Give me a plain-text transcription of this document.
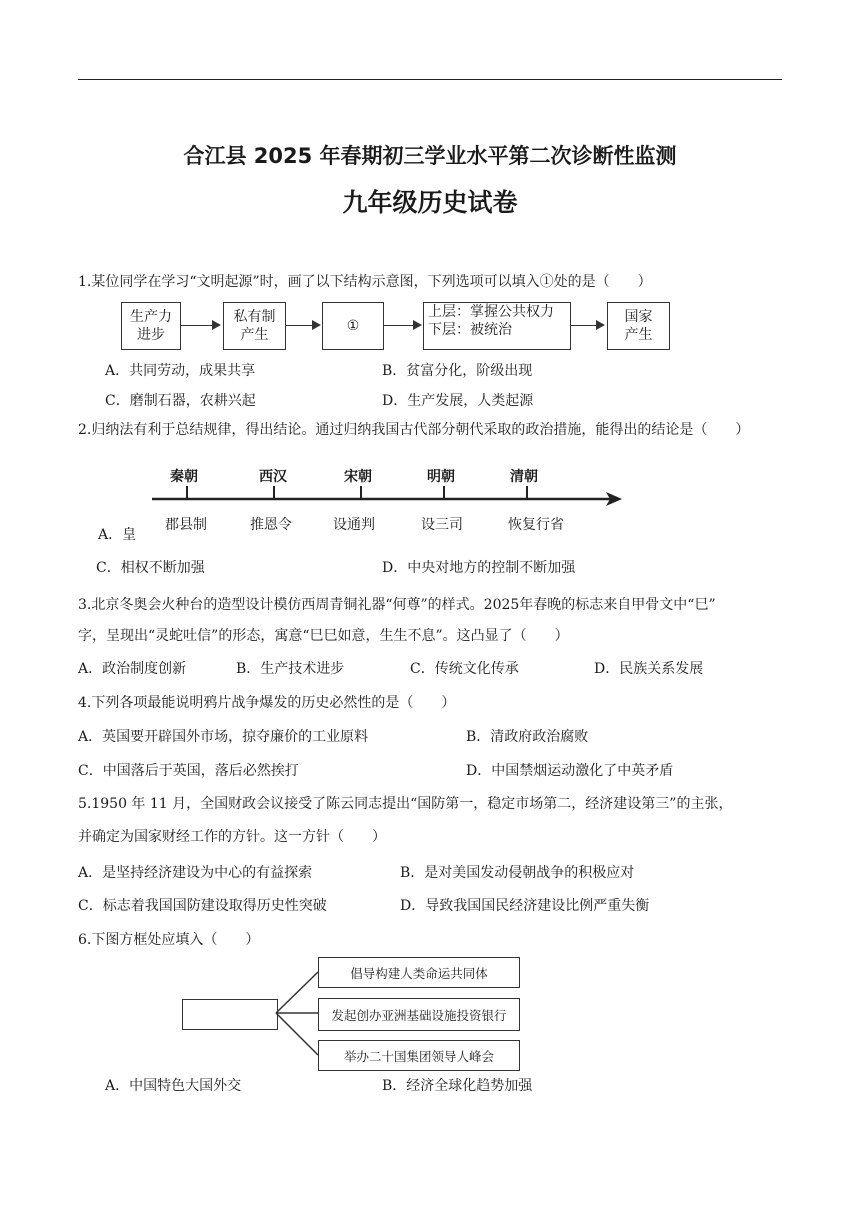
合江县 2025 年春期初三学业水平第二次诊断性监测
九年级历史试卷
1.某位同学在学习“文明起源”时，画了以下结构示意图，下列选项可以填入①处的是（　　）
生产力进步
私有制产生
①
上层：掌握公共权力
下层：被统治
国家产生
A．共同劳动，成果共享	B．贫富分化，阶级出现
C．磨制石器，农耕兴起	D．生产发展，人类起源
2.归纳法有利于总结规律，得出结论。通过归纳我国古代部分朝代采取的政治措施，能得出的结论是（　　）
秦朝	西汉	宋朝	明朝	清朝
郡县制	推恩令	设通判	设三司	恢复行省
A．皇
C．相权不断加强	D．中央对地方的控制不断加强
3.北京冬奥会火种台的造型设计模仿西周青铜礼器“何尊”的样式。2025年春晚的标志来自甲骨文中“巳”
字，呈现出“灵蛇吐信”的形态，寓意“巳巳如意，生生不息”。这凸显了（　　）
A．政治制度创新	B．生产技术进步	C．传统文化传承	D．民族关系发展
4.下列各项最能说明鸦片战争爆发的历史必然性的是（　　）
A．英国要开辟国外市场，掠夺廉价的工业原料	B．清政府政治腐败
C．中国落后于英国，落后必然挨打	D．中国禁烟运动激化了中英矛盾
5.1950 年 11 月，全国财政会议接受了陈云同志提出“国防第一，稳定市场第二，经济建设第三”的主张，
并确定为国家财经工作的方针。这一方针（　　）
A．是坚持经济建设为中心的有益探索	B．是对美国发动侵朝战争的积极应对
C．标志着我国国防建设取得历史性突破	D．导致我国国民经济建设比例严重失衡
6.下图方框处应填入（　　）
倡导构建人类命运共同体
发起创办亚洲基础设施投资银行
举办二十国集团领导人峰会
A．中国特色大国外交	B．经济全球化趋势加强
